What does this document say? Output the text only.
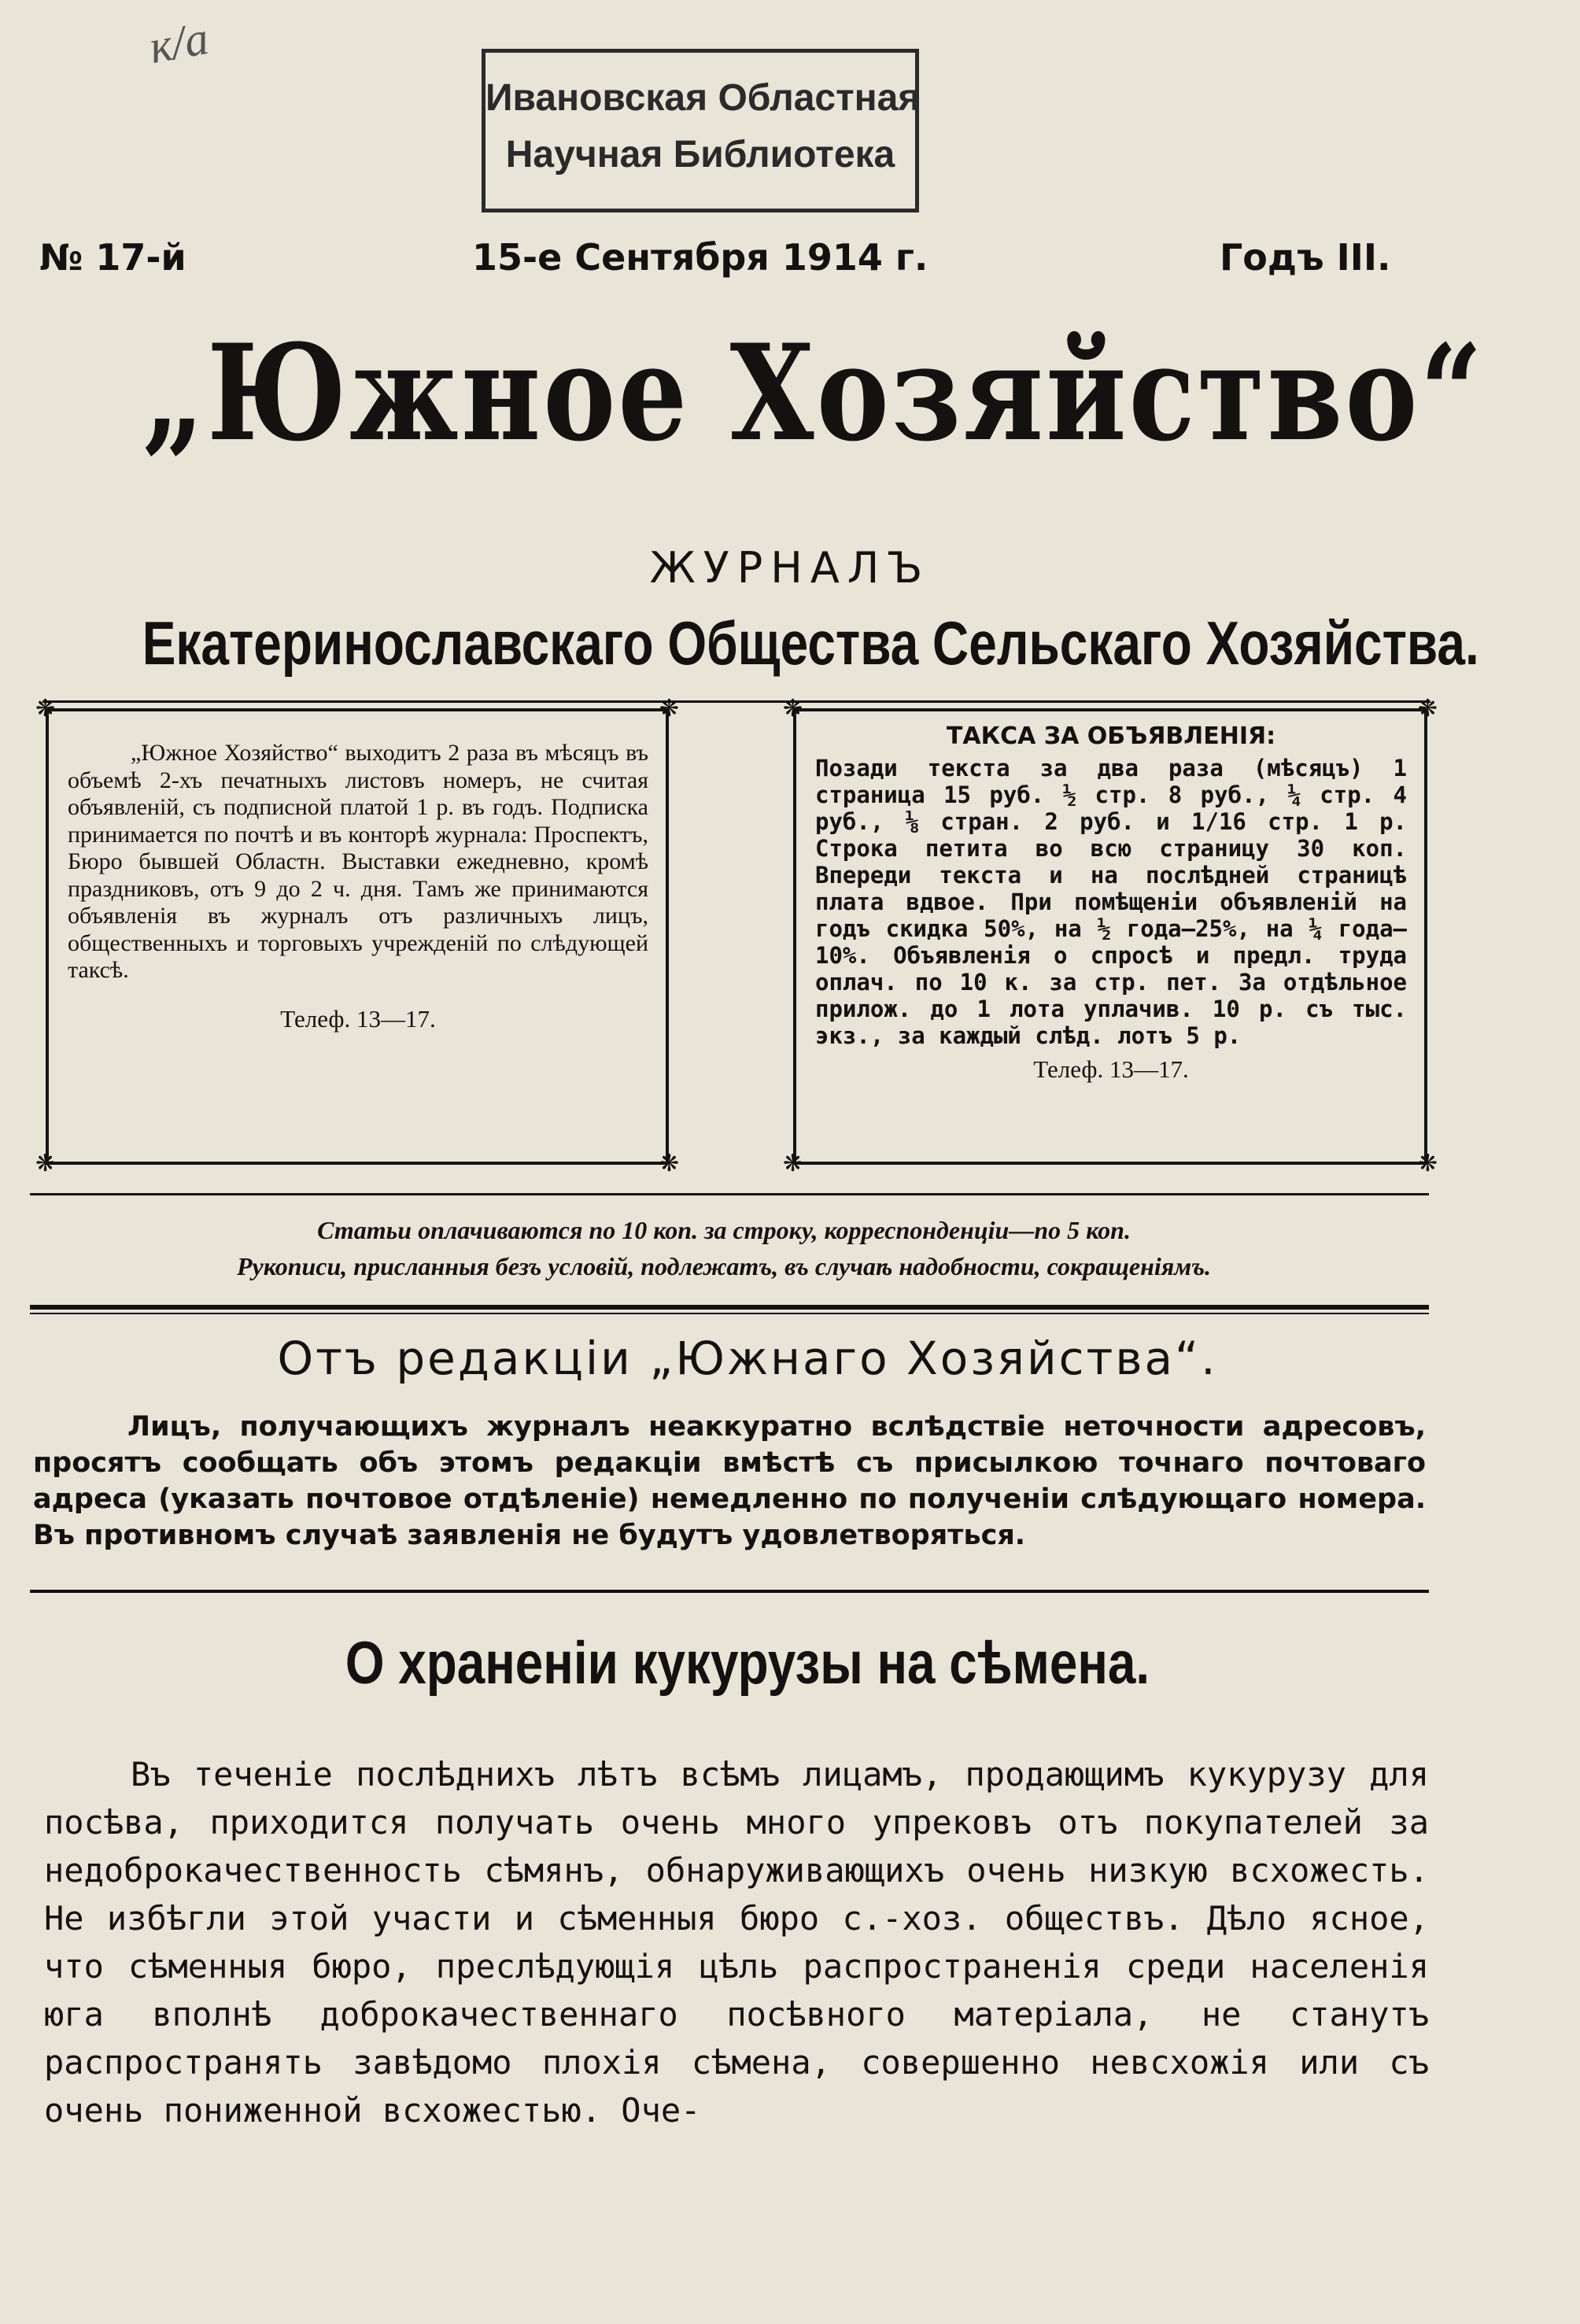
к/а
Ивановская Областная
Научная Библиотека
№ 17-й	15-е Сентября 1914 г.	Годъ III.
„Южное Хозяйство“
ЖУРНАЛЪ
Екатеринославскаго Общества Сельскаго Хозяйства.
❋	❋
❋	❋
„Южное Хозяйство“ выходитъ 2 раза въ мѣсяцъ въ объемѣ 2-хъ печатныхъ листовъ номеръ, не считая объявленій, съ подписной платой 1 р. въ годъ. Подписка принимается по почтѣ и въ конторѣ журнала: Проспектъ, Бюро бывшей Областн. Выставки ежедневно, кромѣ праздниковъ, отъ 9 до 2 ч. дня. Тамъ же принимаются объявленія въ журналъ отъ различныхъ лицъ, общественныхъ и торговыхъ учрежденій по слѣдующей таксѣ.
Телеф. 13—17.
❋	❋
❋	❋
ТАКСА ЗА ОБЪЯВЛЕНІЯ:
Позади текста за два раза (мѣсяцъ) 1 страница 15 руб. ½ стр. 8 руб., ¼ стр. 4 руб., ⅛ стран. 2 руб. и 1/16 стр. 1 р. Строка петита во всю страницу 30 коп. Впереди текста и на послѣдней страницѣ плата вдвое. При помѣщеніи объявленій на годъ скидка 50%, на ½ года—25%, на ¼ года—10%. Объявленія о спросѣ и предл. труда оплач. по 10 к. за стр. пет. За отдѣльное прилож. до 1 лота уплачив. 10 р. съ тыс. экз., за каждый слѣд. лотъ 5 р.
Телеф. 13—17.
Статьи оплачиваются по 10 коп. за строку, корреспонденціи—по 5 коп.
Рукописи, присланныя безъ условій, подлежатъ, въ случаѣ надобности, сокращеніямъ.
Отъ редакціи „Южнаго Хозяйства“.
Лицъ, получающихъ журналъ неаккуратно вслѣдствіе неточности адресовъ, просятъ сообщать объ этомъ редакціи вмѣстѣ съ присылкою точнаго почтоваго адреса (указать почтовое отдѣленіе) немедленно по полученіи слѣдующаго номера. Въ противномъ случаѣ заявленія не будутъ удовлетворяться.
О храненіи кукурузы на сѣмена.
Въ теченіе послѣднихъ лѣтъ всѣмъ лицамъ, продающимъ кукурузу для посѣва, приходится получать очень много упрековъ отъ покупателей за недоброкачественность сѣмянъ, обнаруживающихъ очень низкую всхожесть. Не избѣгли этой участи и сѣменныя бюро с.-хоз. обществъ. Дѣло ясное, что сѣменныя бюро, преслѣдующія цѣль распространенія среди населенія юга вполнѣ доброкачественнаго посѣвного матеріала, не станутъ распространять завѣдомо плохія сѣмена, совершенно невсхожія или съ очень пониженной всхожестью. Оче-
